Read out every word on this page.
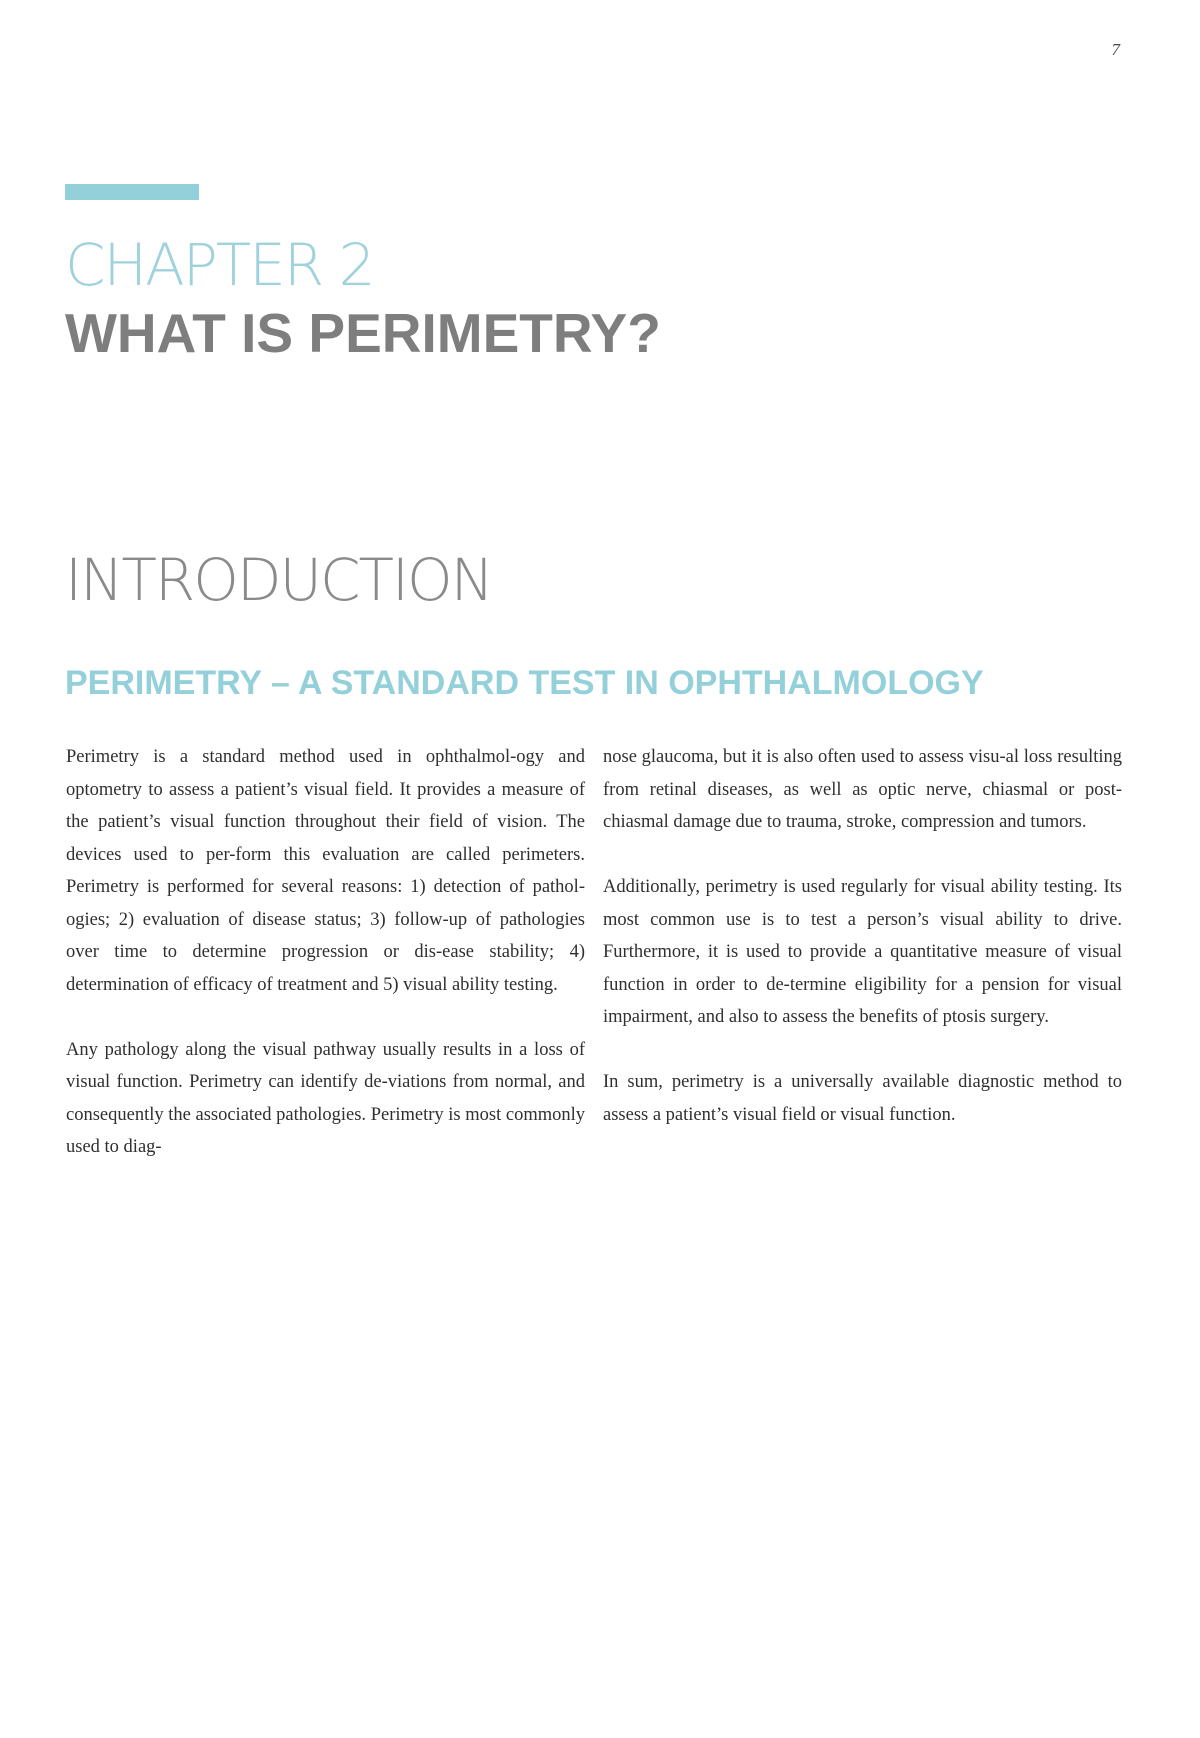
7
CHAPTER 2
WHAT IS PERIMETRY?
INTRODUCTION
PERIMETRY – A STANDARD TEST IN OPHTHALMOLOGY

Perimetry is a standard method used in ophthalmol-ogy and optometry to assess a patient’s visual field. It provides a measure of the patient’s visual function throughout their field of vision. The devices used to per-form this evaluation are called perimeters. Perimetry is performed for several reasons: 1) detection of pathol-ogies; 2) evaluation of disease status; 3) follow-up of pathologies over time to determine progression or dis-ease stability; 4) determination of efficacy of treatment and 5) visual ability testing.

Any pathology along the visual pathway usually results in a loss of visual function. Perimetry can identify de-viations from normal, and consequently the associated pathologies. Perimetry is most commonly used to diag-

nose glaucoma, but it is also often used to assess visu-al loss resulting from retinal diseases, as well as optic nerve, chiasmal or post-chiasmal damage due to trauma, stroke, compression and tumors.

Additionally, perimetry is used regularly for visual ability testing. Its most common use is to test a person’s visual ability to drive. Furthermore, it is used to provide a quantitative measure of visual function in order to de-termine eligibility for a pension for visual impairment, and also to assess the benefits of ptosis surgery.

In sum, perimetry is a universally available diagnostic method to assess a patient’s visual field or visual function.
